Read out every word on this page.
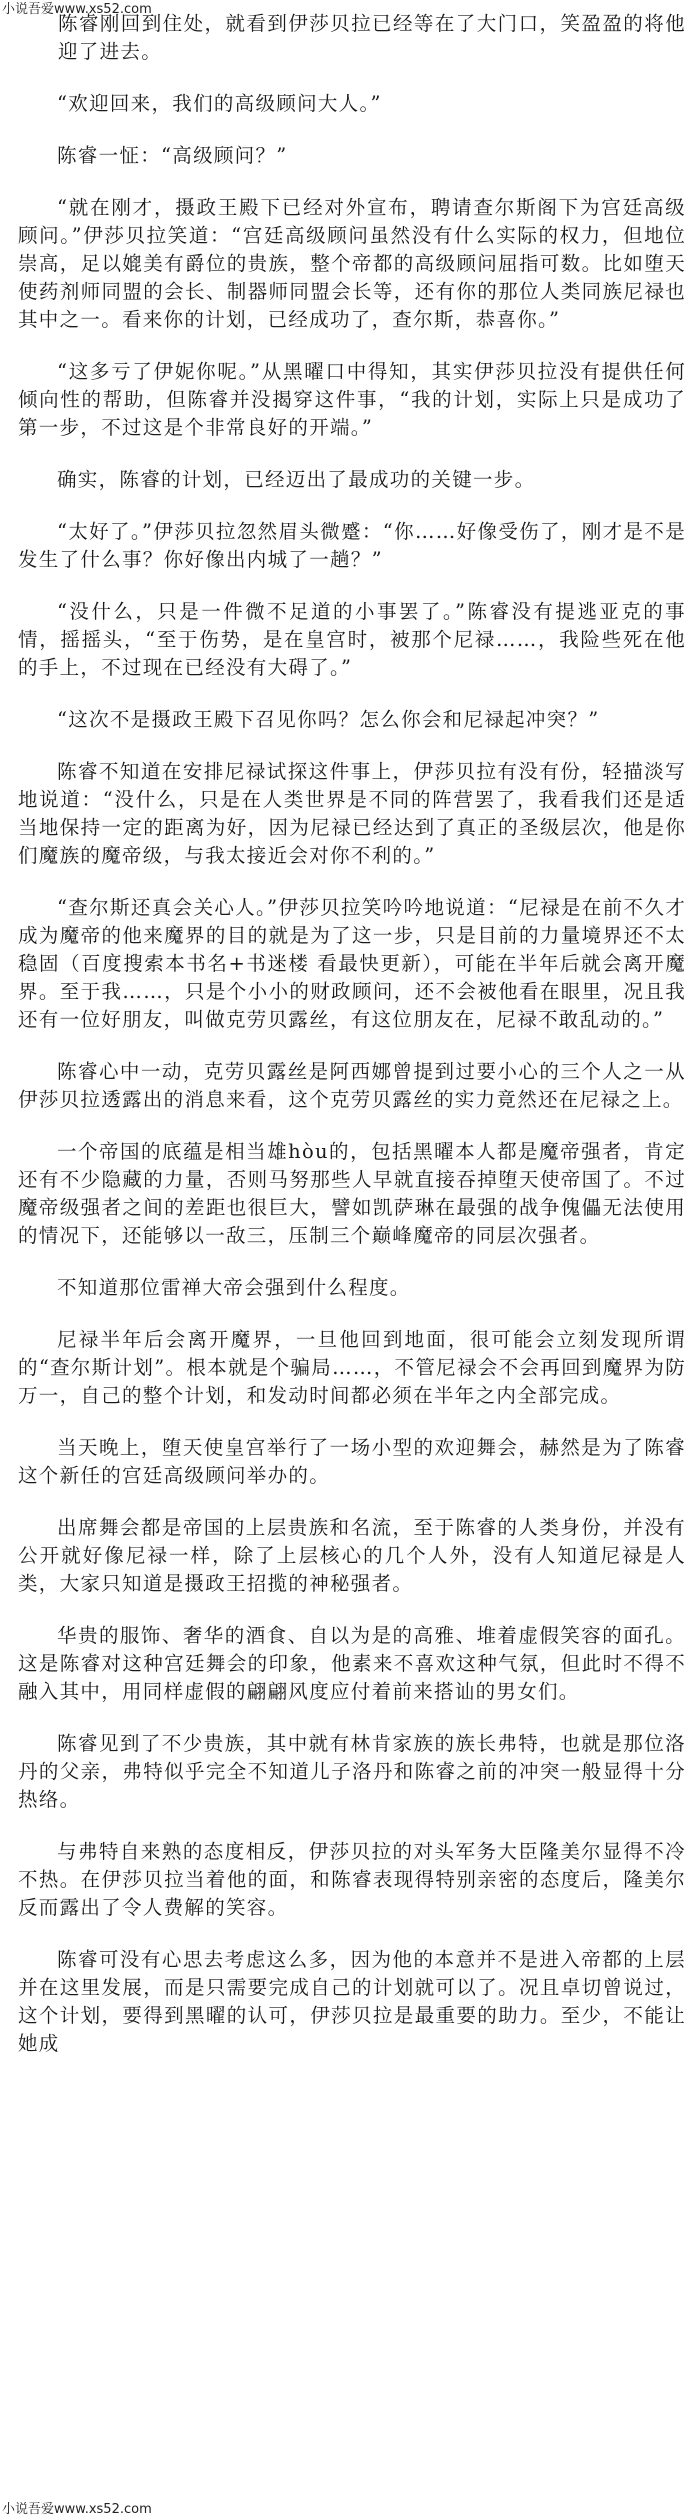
小说吾爱www.xs52.com

陈睿刚回到住处，就看到伊莎贝拉已经等在了大门口，笑盈盈的将他迎了进去。

“欢迎回来，我们的高级顾问大人。”

陈睿一怔：“高级顾问？”

“就在刚才，摄政王殿下已经对外宣布，聘请查尔斯阁下为宫廷高级顾问。”伊莎贝拉笑道：“宫廷高级顾问虽然没有什么实际的权力，但地位崇高，足以媲美有爵位的贵族，整个帝都的高级顾问屈指可数。比如堕天使药剂师同盟的会长、制器师同盟会长等，还有你的那位人类同族尼禄也其中之一。看来你的计划，已经成功了，查尔斯，恭喜你。”

“这多亏了伊妮你呢。”从黑曜口中得知，其实伊莎贝拉没有提供任何倾向性的帮助，但陈睿并没揭穿这件事，“我的计划，实际上只是成功了第一步，不过这是个非常良好的开端。”

确实，陈睿的计划，已经迈出了最成功的关键一步。

“太好了。”伊莎贝拉忽然眉头微蹙：“你……好像受伤了，刚才是不是发生了什么事？你好像出内城了一趟？”

“没什么，只是一件微不足道的小事罢了。”陈睿没有提逃亚克的事情，摇摇头，“至于伤势，是在皇宫时，被那个尼禄……，我险些死在他的手上，不过现在已经没有大碍了。”

“这次不是摄政王殿下召见你吗？怎么你会和尼禄起冲突？”

陈睿不知道在安排尼禄试探这件事上，伊莎贝拉有没有份，轻描淡写地说道：“没什么，只是在人类世界是不同的阵营罢了，我看我们还是适当地保持一定的距离为好，因为尼禄已经达到了真正的圣级层次，他是你们魔族的魔帝级，与我太接近会对你不利的。”

“查尔斯还真会关心人。”伊莎贝拉笑吟吟地说道：“尼禄是在前不久才成为魔帝的他来魔界的目的就是为了这一步，只是目前的力量境界还不太稳固（百度搜索本书名+书迷楼 看最快更新），可能在半年后就会离开魔界。至于我……，只是个小小的财政顾问，还不会被他看在眼里，况且我还有一位好朋友，叫做克劳贝露丝，有这位朋友在，尼禄不敢乱动的。”

陈睿心中一动，克劳贝露丝是阿西娜曾提到过要小心的三个人之一从伊莎贝拉透露出的消息来看，这个克劳贝露丝的实力竟然还在尼禄之上。

一个帝国的底蕴是相当雄hòu的，包括黑曜本人都是魔帝强者，肯定还有不少隐藏的力量，否则马努那些人早就直接吞掉堕天使帝国了。不过魔帝级强者之间的差距也很巨大，譬如凯萨琳在最强的战争傀儡无法使用的情况下，还能够以一敌三，压制三个巅峰魔帝的同层次强者。

不知道那位雷禅大帝会强到什么程度。

尼禄半年后会离开魔界，一旦他回到地面，很可能会立刻发现所谓的“查尔斯计划”。根本就是个骗局……，不管尼禄会不会再回到魔界为防万一，自己的整个计划，和发动时间都必须在半年之内全部完成。

当天晚上，堕天使皇宫举行了一场小型的欢迎舞会，赫然是为了陈睿这个新任的宫廷高级顾问举办的。

出席舞会都是帝国的上层贵族和名流，至于陈睿的人类身份，并没有公开就好像尼禄一样，除了上层核心的几个人外，没有人知道尼禄是人类，大家只知道是摄政王招揽的神秘强者。

华贵的服饰、奢华的酒食、自以为是的高雅、堆着虚假笑容的面孔。这是陈睿对这种宫廷舞会的印象，他素来不喜欢这种气氛，但此时不得不融入其中，用同样虚假的翩翩风度应付着前来搭讪的男女们。

陈睿见到了不少贵族，其中就有林肯家族的族长弗特，也就是那位洛丹的父亲，弗特似乎完全不知道儿子洛丹和陈睿之前的冲突一般显得十分热络。

与弗特自来熟的态度相反，伊莎贝拉的对头军务大臣隆美尔显得不冷不热。在伊莎贝拉当着他的面，和陈睿表现得特别亲密的态度后，隆美尔反而露出了令人费解的笑容。

陈睿可没有心思去考虑这么多，因为他的本意并不是进入帝都的上层并在这里发展，而是只需要完成自己的计划就可以了。况且卓切曾说过，这个计划，要得到黑曜的认可，伊莎贝拉是最重要的助力。至少，不能让她成

小说吾爱www.xs52.com
